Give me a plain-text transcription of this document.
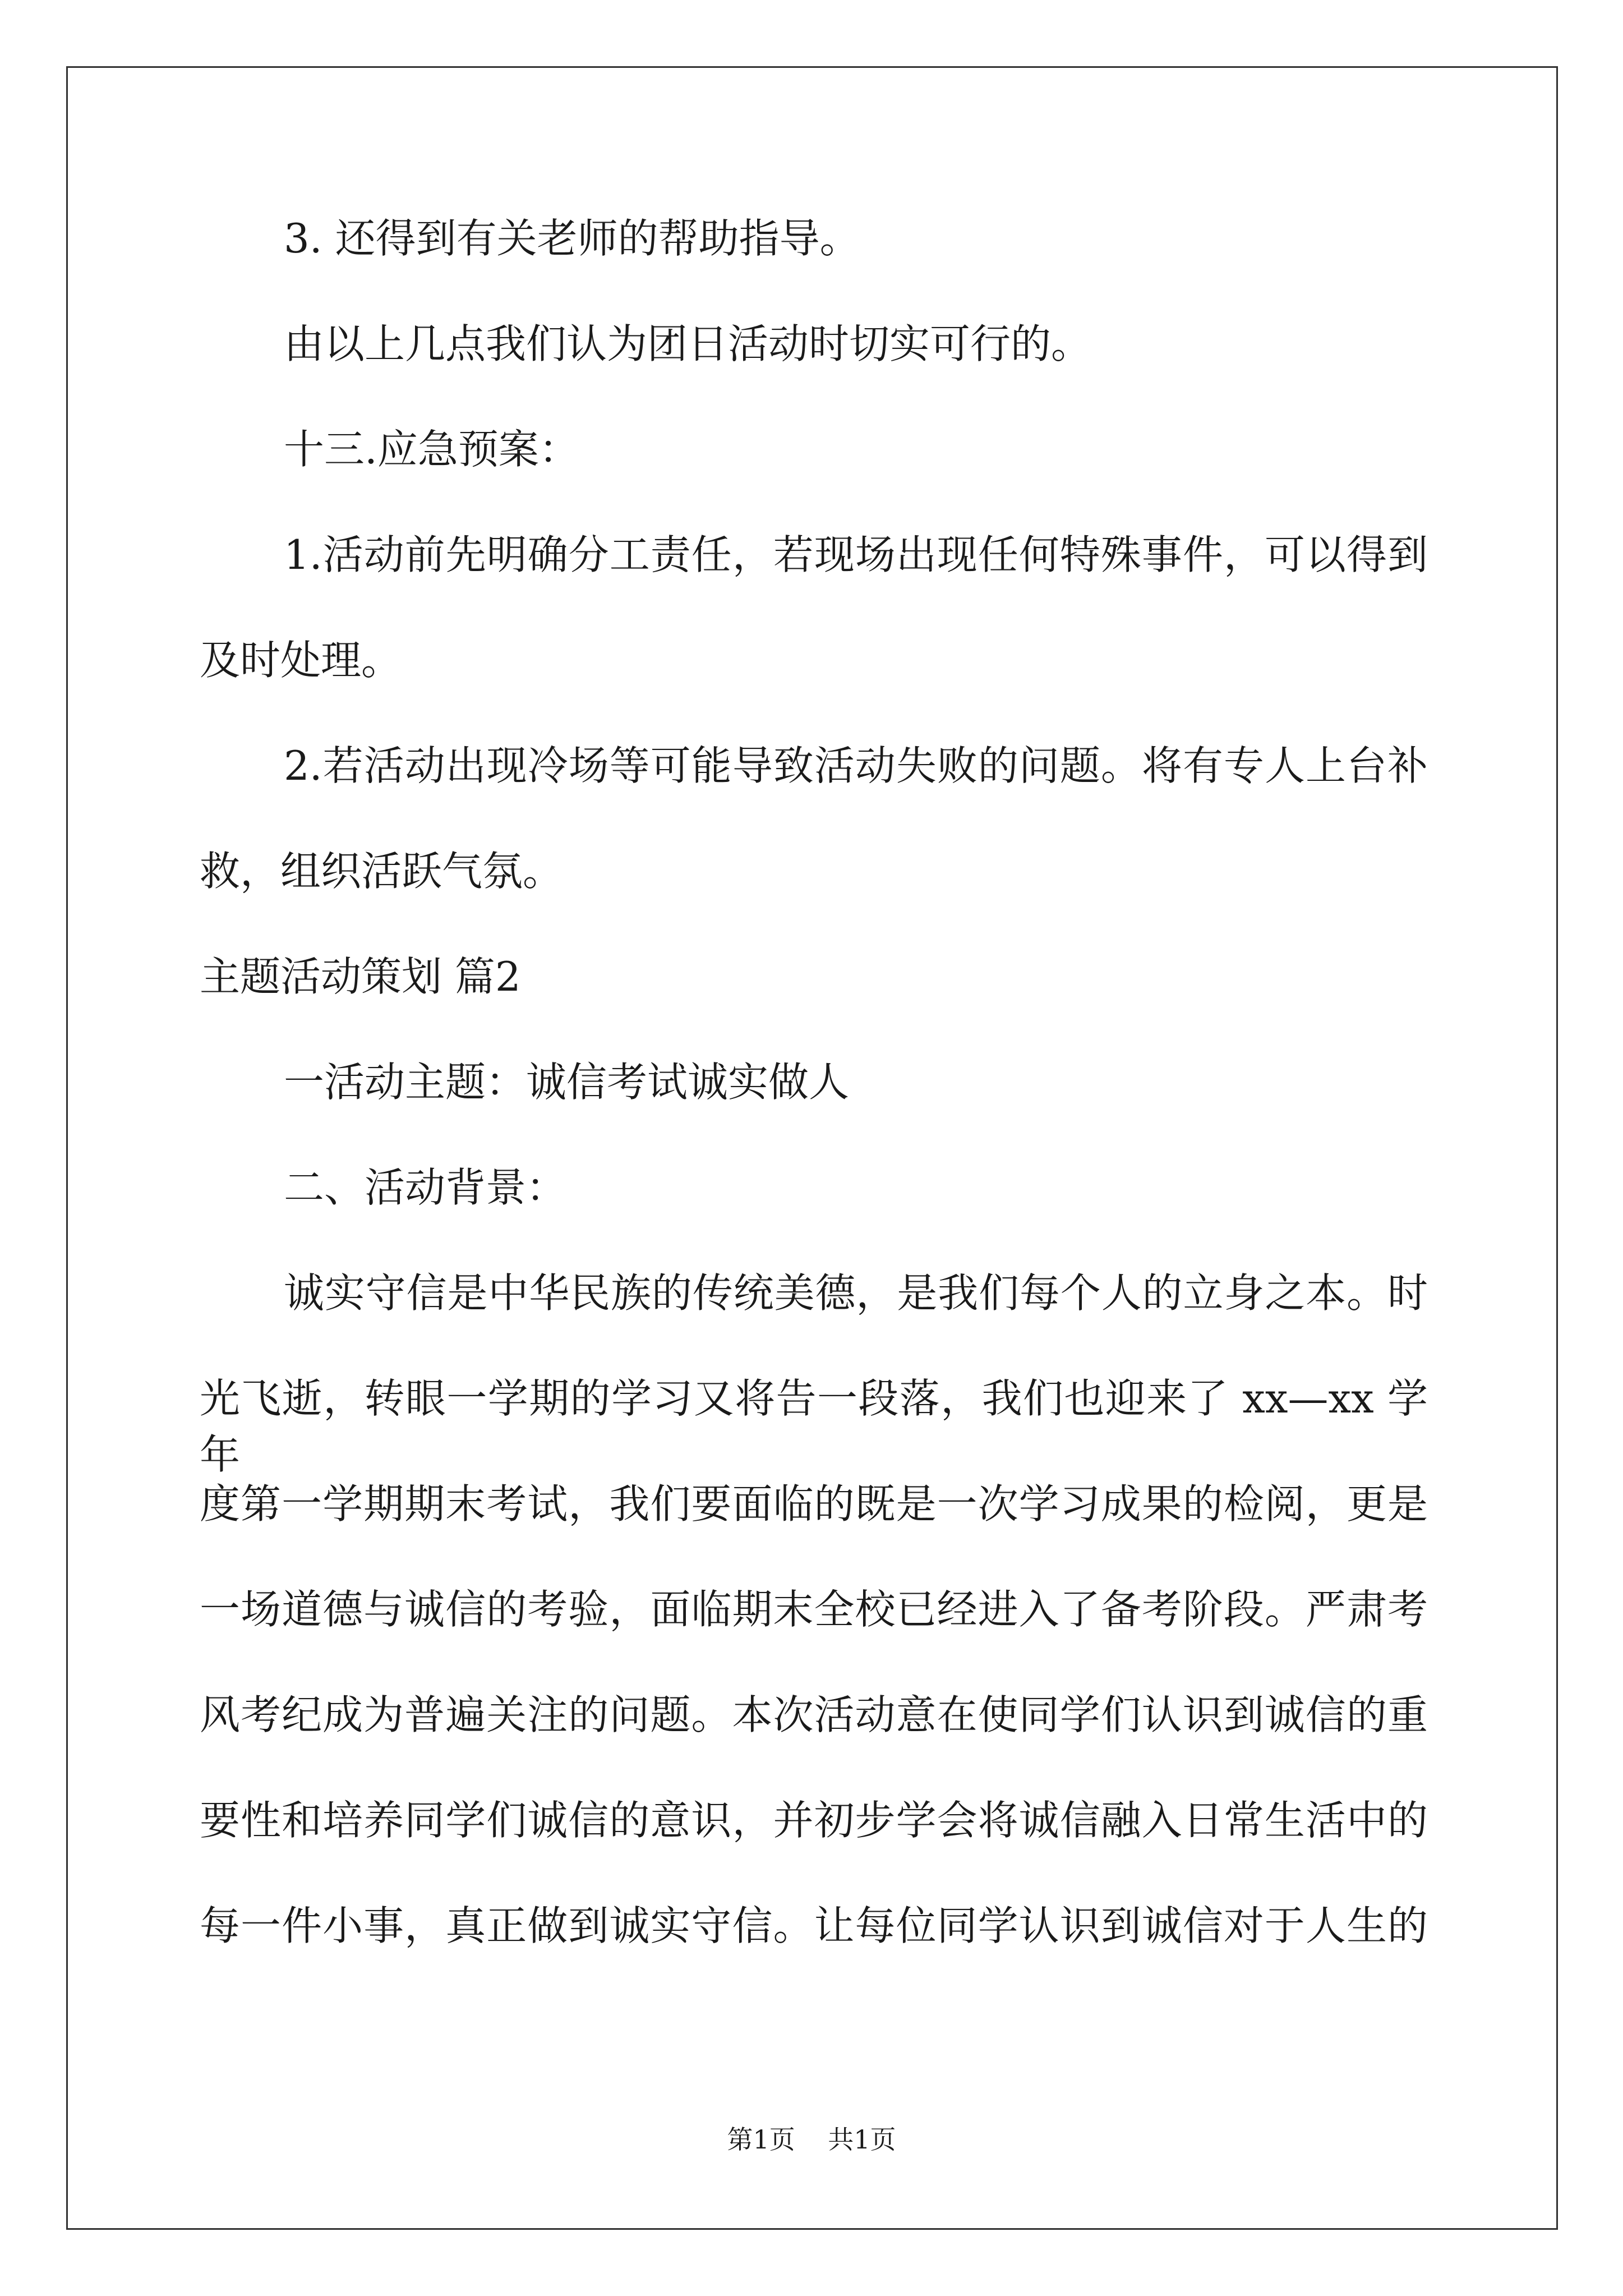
3. 还得到有关老师的帮助指导。
由以上几点我们认为团日活动时切实可行的。
十三.应急预案：
1.活动前先明确分工责任，若现场出现任何特殊事件，可以得到
及时处理。
2.若活动出现冷场等可能导致活动失败的问题。将有专人上台补
救，组织活跃气氛。
主题活动策划 篇2
一活动主题：诚信考试诚实做人
二、活动背景：
诚实守信是中华民族的传统美德，是我们每个人的立身之本。时
光飞逝，转眼一学期的学习又将告一段落，我们也迎来了 xx—xx 学年
度第一学期期末考试，我们要面临的既是一次学习成果的检阅，更是
一场道德与诚信的考验，面临期末全校已经进入了备考阶段。严肃考
风考纪成为普遍关注的问题。本次活动意在使同学们认识到诚信的重
要性和培养同学们诚信的意识，并初步学会将诚信融入日常生活中的
每一件小事，真正做到诚实守信。让每位同学认识到诚信对于人生的
第1页    共1页
